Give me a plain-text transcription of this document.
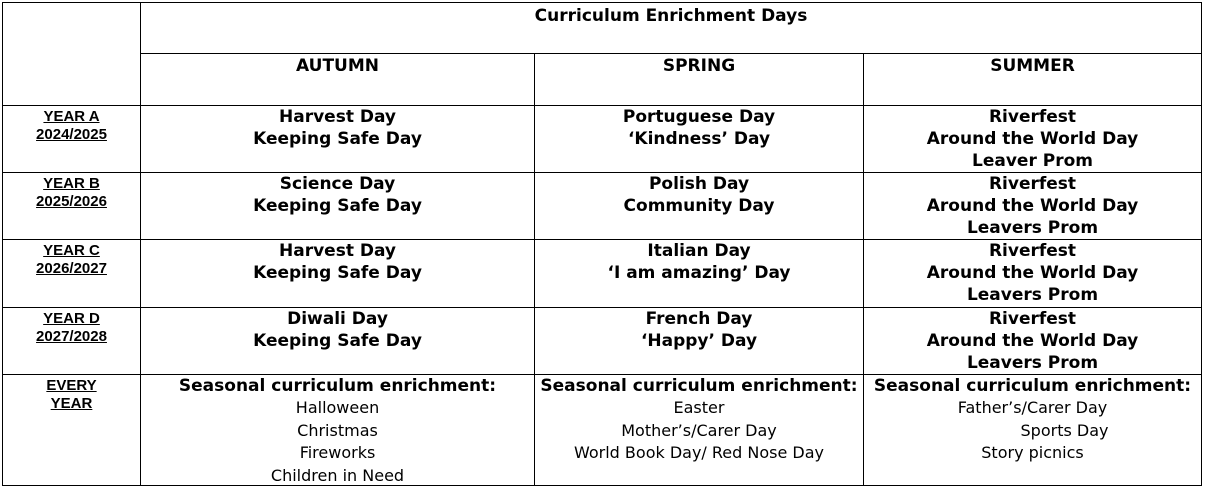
Curriculum Enrichment Days
AUTUMN	SPRING	SUMMER
YEAR A
2024/2025
Harvest Day
Keeping Safe Day
Portuguese Day
‘Kindness’ Day
Riverfest
Around the World Day
Leaver Prom
YEAR B
2025/2026
Science Day
Keeping Safe Day
Polish Day
Community Day
Riverfest
Around the World Day
Leavers Prom
YEAR C
2026/2027
Harvest Day
Keeping Safe Day
Italian Day
‘I am amazing’ Day
Riverfest
Around the World Day
Leavers Prom
YEAR D
2027/2028
Diwali Day
Keeping Safe Day
French Day
‘Happy’ Day
Riverfest
Around the World Day
Leavers Prom
EVERY
YEAR
Seasonal curriculum enrichment:
Halloween
Christmas
Fireworks
Children in Need
Seasonal curriculum enrichment:
Easter
Mother’s/Carer Day
World Book Day/ Red Nose Day
Seasonal curriculum enrichment:
Father’s/Carer Day
Sports Day
Story picnics
